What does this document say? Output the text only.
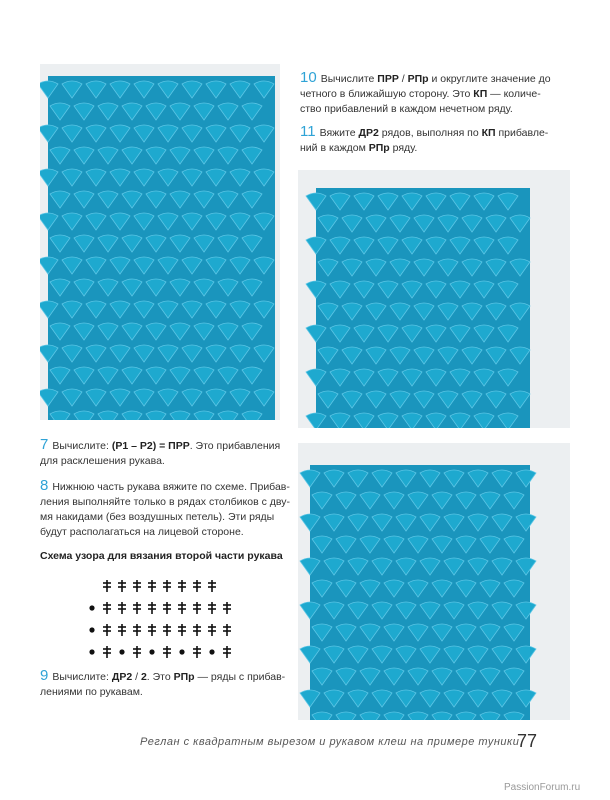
10 Вычислите ПРР / РПр и округлите значение до
четного в ближайшую сторону. Это КП — количе-
ство прибавлений в каждом нечетном ряду.
11 Вяжите ДР2 рядов, выполняя по КП прибавле-
ний в каждом РПр ряду.
7 Вычислите: (Р1 – Р2) = ПРР. Это прибавления
для расклешения рукава.
8 Нижнюю часть рукава вяжите по схеме. Прибав-
ления выполняйте только в рядах столбиков с дву-
мя накидами (без воздушных петель). Эти ряды
будут располагаться на лицевой стороне.
Схема узора для вязания второй части рукава
9 Вычислите: ДР2 / 2. Это РПр — ряды с прибав-
лениями по рукавам.
Реглан с квадратным вырезом и рукавом клеш на примере туники
77
PassionForum.ru
